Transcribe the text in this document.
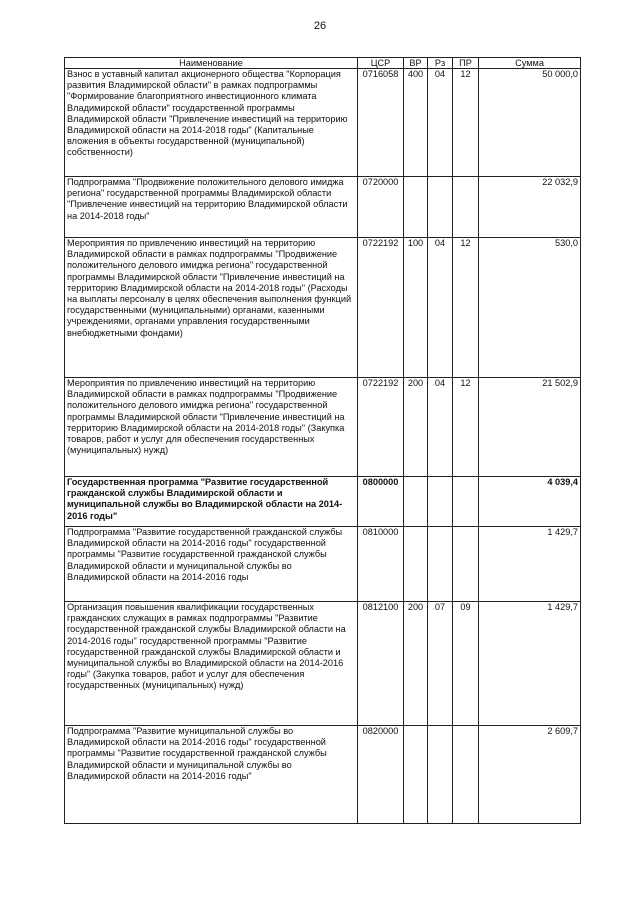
26
Наименование	ЦСР	ВР	Рз	ПР	Сумма
Взнос в уставный капитал акционерного общества "Корпорация развития Владимирской области" в рамках подпрограммы "Формирование благоприятного инвестиционного климата Владимирской области" государственной программы Владимирской области "Привлечение инвестиций на территорию Владимирской области на 2014-2018 годы" (Капитальные вложения в объекты государственной (муниципальной) собственности)	0716058	400	04	12	50 000,0
Подпрограмма "Продвижение положительного делового имиджа региона" государственной программы Владимирской области "Привлечение инвестиций на территорию Владимирской области на 2014-2018 годы"	0720000				22 032,9
Мероприятия по привлечению инвестиций на территорию Владимирской области в рамках подпрограммы "Продвижение положительного делового имиджа региона" государственной программы Владимирской области "Привлечение инвестиций на территорию Владимирской области на 2014-2018 годы" (Расходы на выплаты персоналу в целях обеспечения выполнения функций государственными (муниципальными) органами, казенными учреждениями, органами управления государственными внебюджетными фондами)	0722192	100	04	12	530,0
Мероприятия по привлечению инвестиций на территорию Владимирской области в рамках подпрограммы "Продвижение положительного делового имиджа региона" государственной программы Владимирской области "Привлечение инвестиций на территорию Владимирской области на 2014-2018 годы" (Закупка товаров, работ и услуг для обеспечения государственных (муниципальных) нужд)	0722192	200	04	12	21 502,9
Государственная программа "Развитие государственной гражданской службы Владимирской области и муниципальной службы во Владимирской области на 2014-2016 годы"	0800000				4 039,4
Подпрограмма "Развитие государственной гражданской службы Владимирской области на 2014-2016 годы" государственной программы "Развитие государственной гражданской службы Владимирской области и муниципальной службы во Владимирской области на 2014-2016 годы	0810000				1 429,7
Организация повышения квалификации государственных гражданских служащих в рамках подпрограммы "Развитие государственной гражданской службы Владимирской области на 2014-2016 годы" государственной программы "Развитие государственной гражданской службы Владимирской области и муниципальной службы во Владимирской области на 2014-2016 годы" (Закупка товаров, работ и услуг для обеспечения государственных (муниципальных) нужд)	0812100	200	07	09	1 429,7
Подпрограмма "Развитие муниципальной службы во Владимирской области на 2014-2016 годы" государственной программы "Развитие государственной гражданской службы Владимирской области и муниципальной службы во Владимирской области на 2014-2016 годы"	0820000				2 609,7
